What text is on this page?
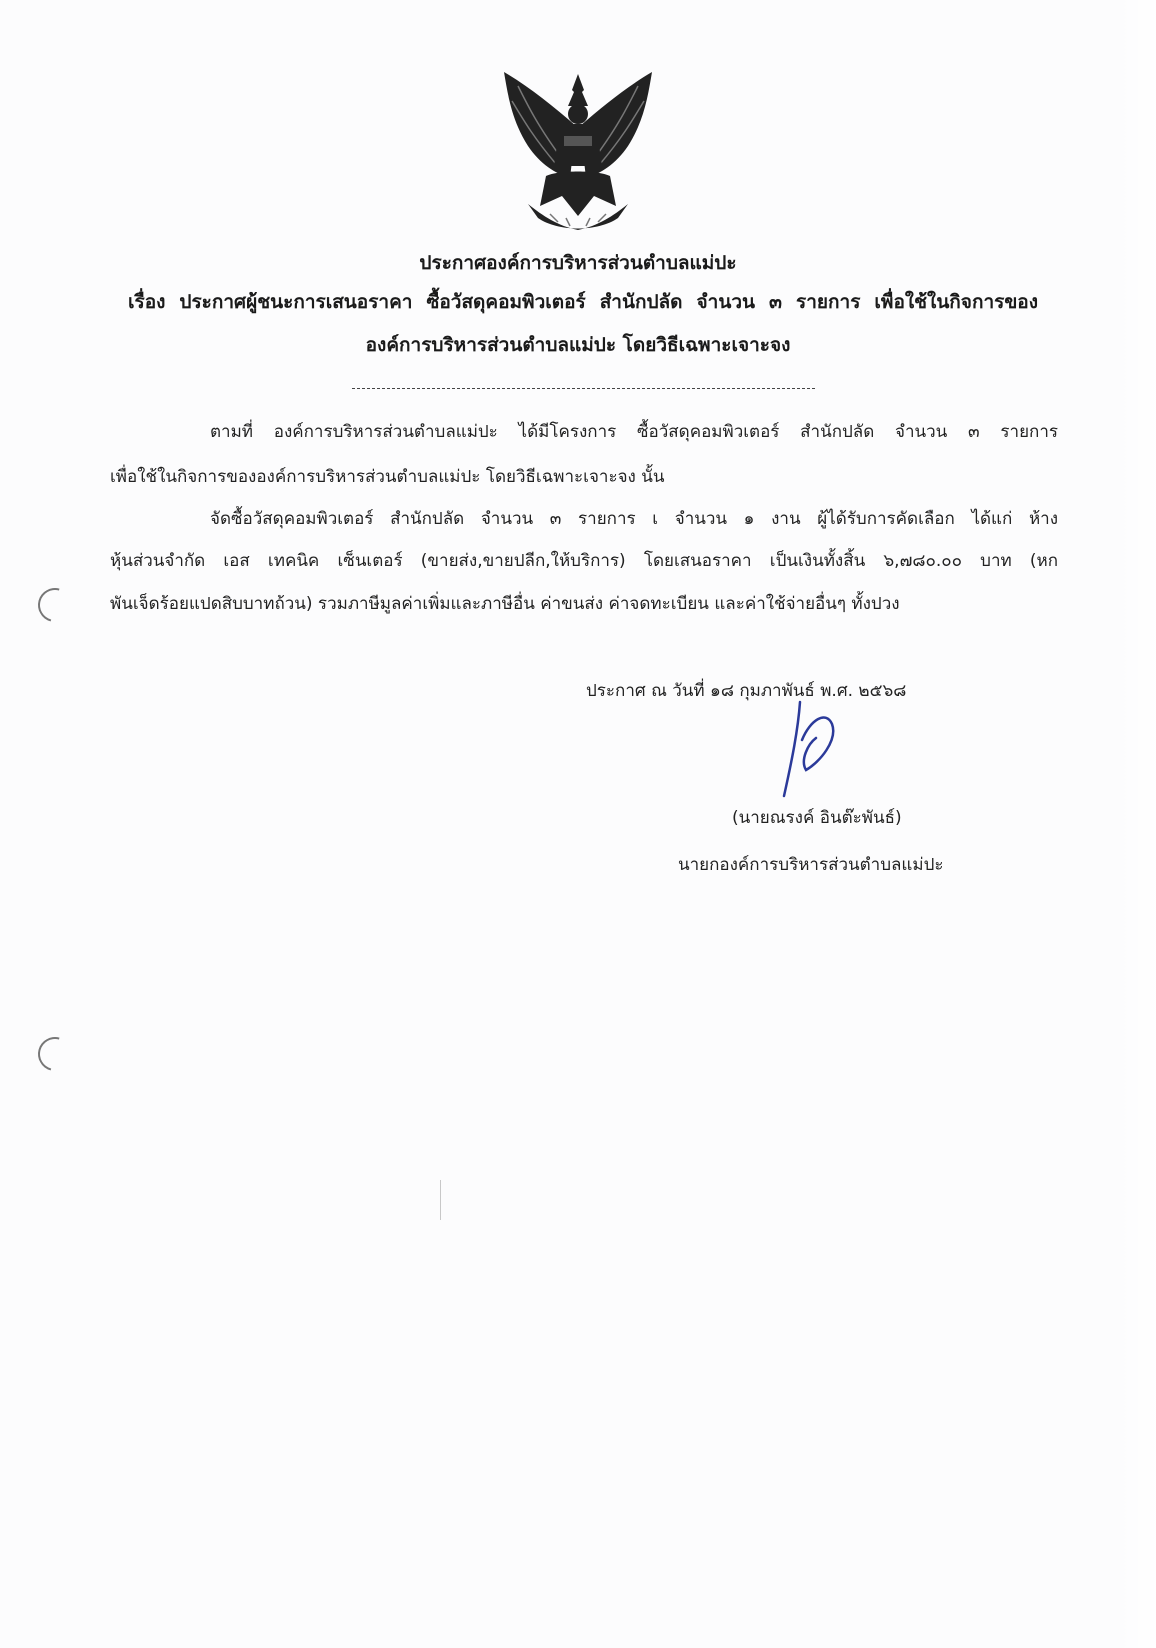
ประกาศองค์การบริหารส่วนตำบลแม่ปะ
เรื่อง ประกาศผู้ชนะการเสนอราคา ซื้อวัสดุคอมพิวเตอร์ สำนักปลัด จำนวน ๓ รายการ เพื่อใช้ในกิจการของ
องค์การบริหารส่วนตำบลแม่ปะ โดยวิธีเฉพาะเจาะจง
ตามที่ องค์การบริหารส่วนตำบลแม่ปะ ได้มีโครงการ ซื้อวัสดุคอมพิวเตอร์ สำนักปลัด จำนวน ๓ รายการ
เพื่อใช้ในกิจการขององค์การบริหารส่วนตำบลแม่ปะ โดยวิธีเฉพาะเจาะจง นั้น
จัดซื้อวัสดุคอมพิวเตอร์ สำนักปลัด จำนวน ๓ รายการ เ จำนวน ๑ งาน ผู้ได้รับการคัดเลือก ได้แก่ ห้าง
หุ้นส่วนจำกัด เอส เทคนิค เซ็นเตอร์ (ขายส่ง,ขายปลีก,ให้บริการ) โดยเสนอราคา เป็นเงินทั้งสิ้น ๖,๗๘๐.๐๐ บาท (หก
พันเจ็ดร้อยแปดสิบบาทถ้วน) รวมภาษีมูลค่าเพิ่มและภาษีอื่น ค่าขนส่ง ค่าจดทะเบียน และค่าใช้จ่ายอื่นๆ ทั้งปวง
ประกาศ ณ วันที่ ๑๘ กุมภาพันธ์ พ.ศ. ๒๕๖๘
(นายณรงค์ อินต๊ะพันธ์)
นายกองค์การบริหารส่วนตำบลแม่ปะ
